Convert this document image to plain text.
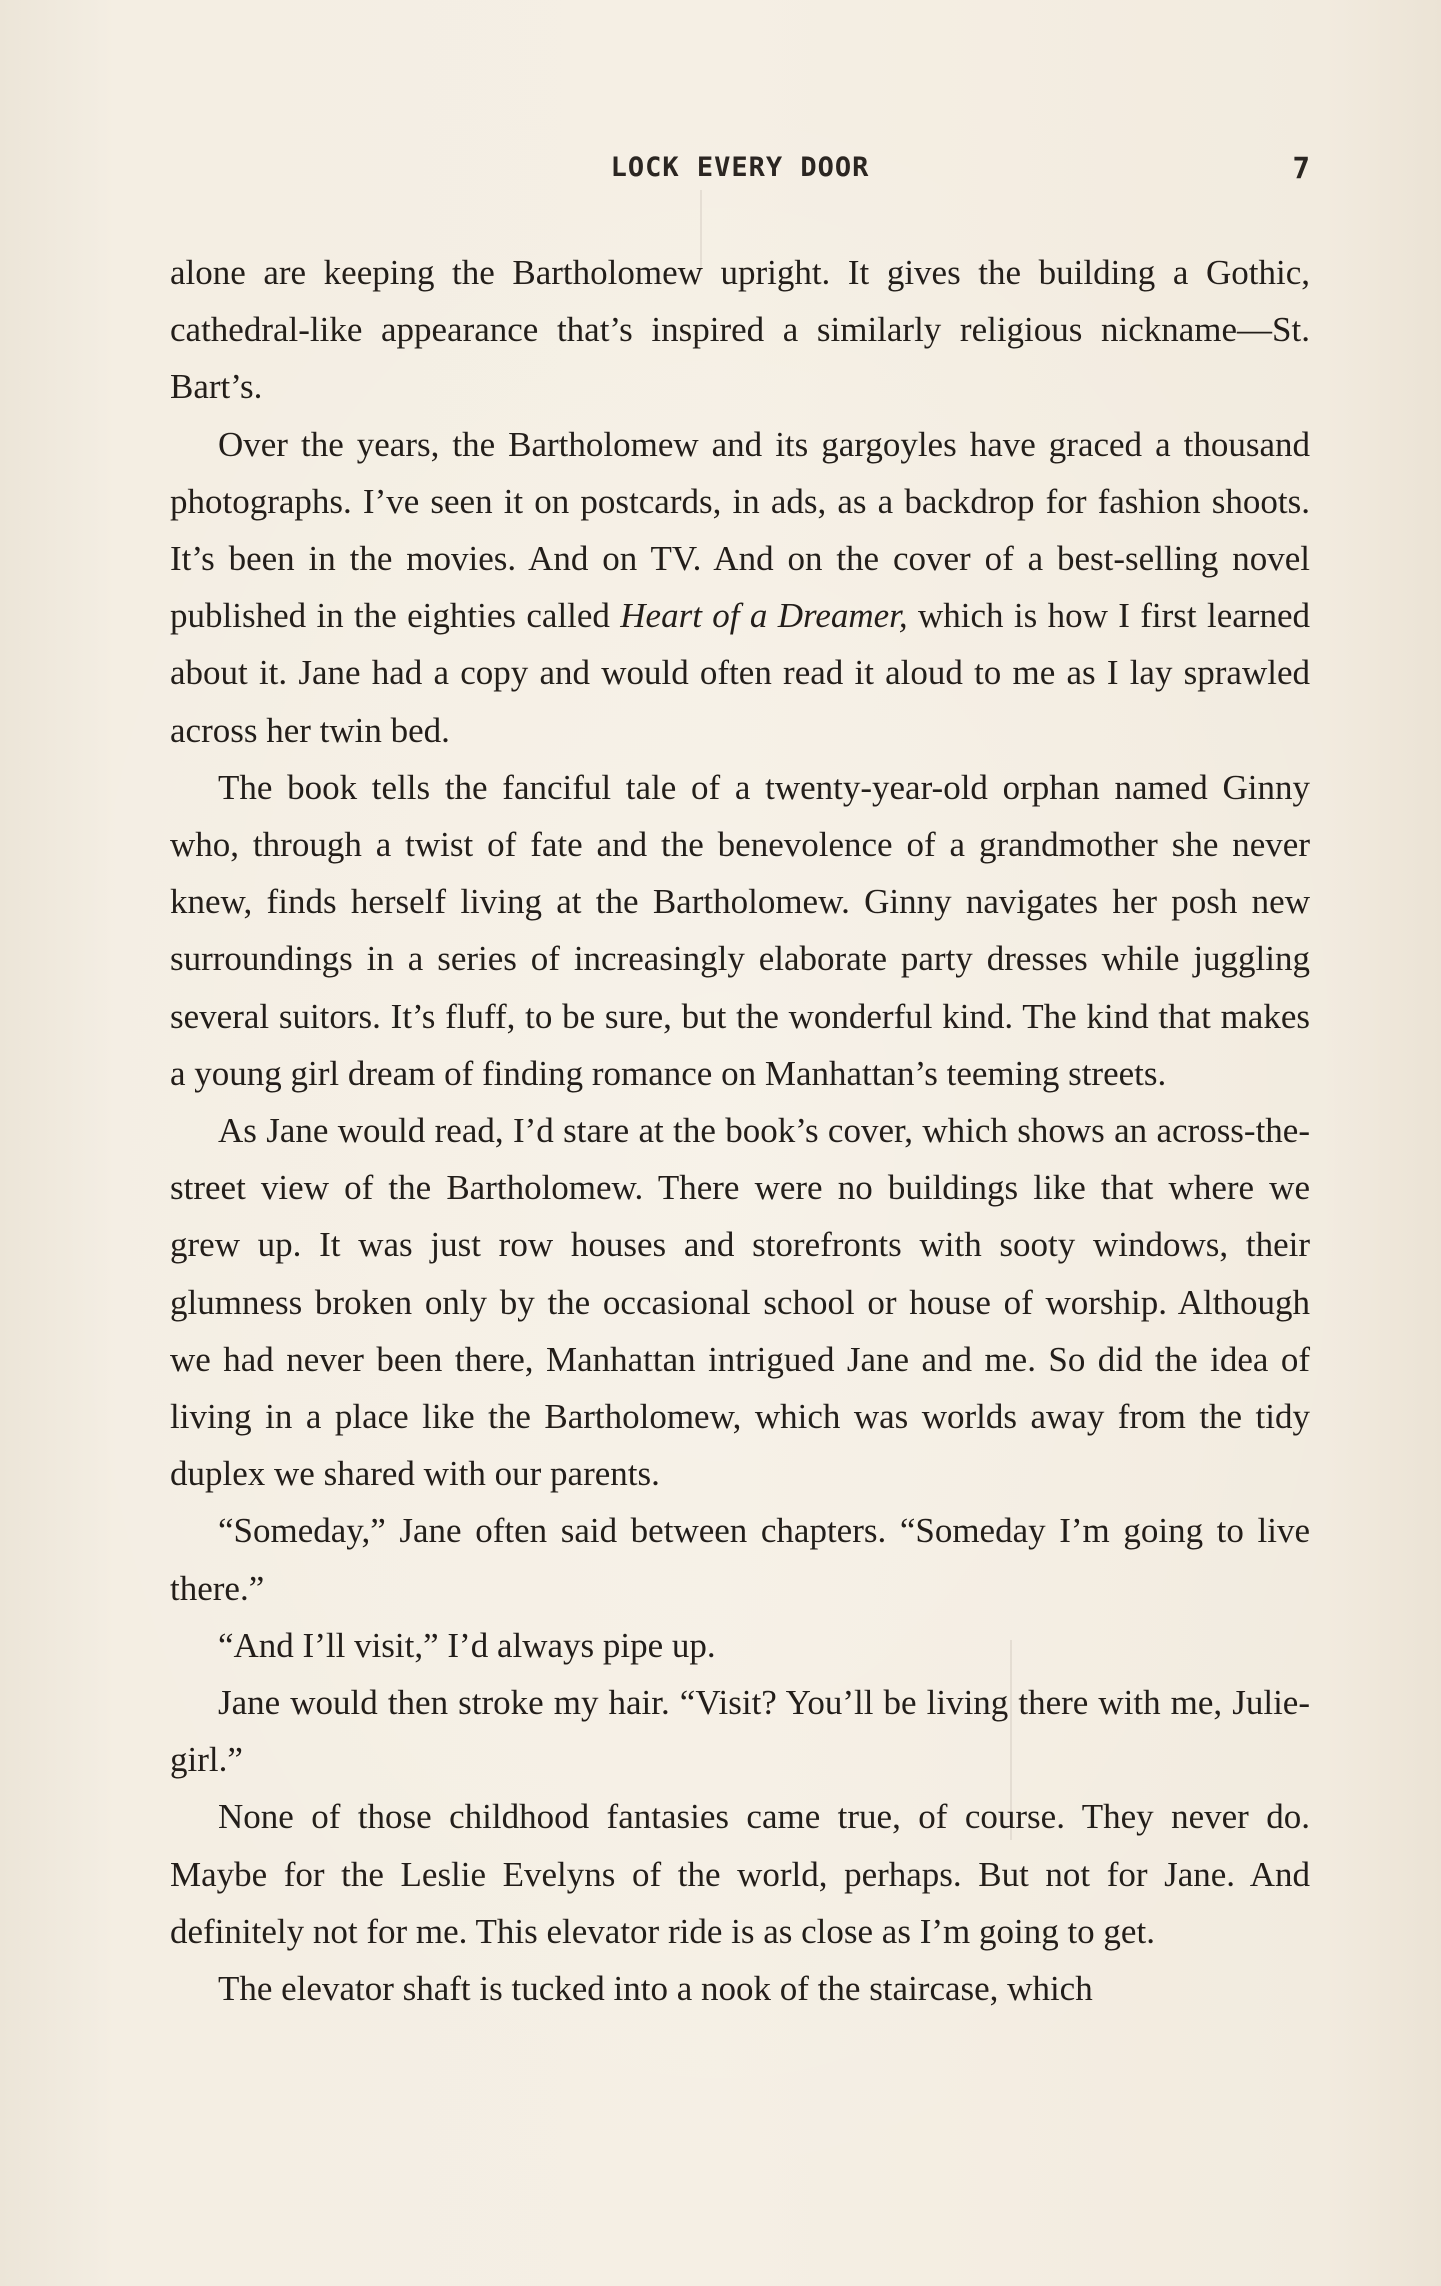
LOCK EVERY DOOR	7

alone are keeping the Bartholomew upright. It gives the building a Gothic, cathedral-like appearance that’s inspired a similarly religious nickname—St. Bart’s.

Over the years, the Bartholomew and its gargoyles have graced a thousand photographs. I’ve seen it on postcards, in ads, as a backdrop for fashion shoots. It’s been in the movies. And on TV. And on the cover of a best-selling novel published in the eighties called Heart of a Dreamer, which is how I first learned about it. Jane had a copy and would often read it aloud to me as I lay sprawled across her twin bed.

The book tells the fanciful tale of a twenty-year-old orphan named Ginny who, through a twist of fate and the benevolence of a grandmother she never knew, finds herself living at the Bartholomew. Ginny navigates her posh new surroundings in a series of increasingly elaborate party dresses while juggling several suitors. It’s fluff, to be sure, but the wonderful kind. The kind that makes a young girl dream of finding romance on Manhattan’s teeming streets.

As Jane would read, I’d stare at the book’s cover, which shows an across-the-street view of the Bartholomew. There were no buildings like that where we grew up. It was just row houses and storefronts with sooty windows, their glumness broken only by the occasional school or house of worship. Although we had never been there, Manhattan intrigued Jane and me. So did the idea of living in a place like the Bartholomew, which was worlds away from the tidy duplex we shared with our parents.

“Someday,” Jane often said between chapters. “Someday I’m going to live there.”

“And I’ll visit,” I’d always pipe up.

Jane would then stroke my hair. “Visit? You’ll be living there with me, Julie-girl.”

None of those childhood fantasies came true, of course. They never do. Maybe for the Leslie Evelyns of the world, perhaps. But not for Jane. And definitely not for me. This elevator ride is as close as I’m going to get.

The elevator shaft is tucked into a nook of the staircase, which
